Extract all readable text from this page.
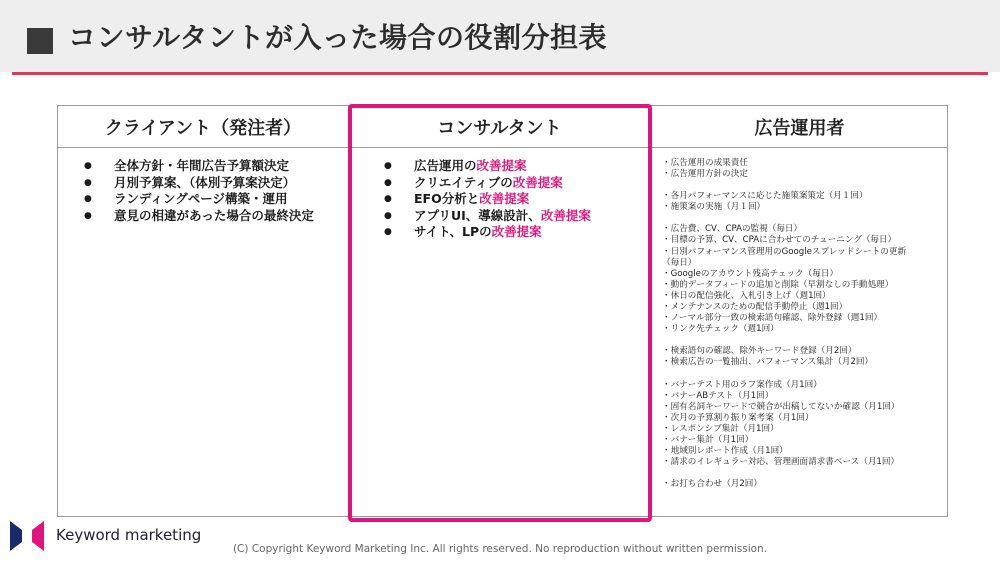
コンサルタントが入った場合の役割分担表
クライアント（発注者）	コンサルタント	広告運用者
● 全体方針・年間広告予算額決定
● 月別予算案、（体別予算案決定）
● ランディングページ構築・運用
● 意見の相違があった場合の最終決定
● 広告運用の改善提案
● クリエイティブの改善提案
● EFO分析と改善提案
● アプリUI、導線設計、改善提案
● サイト、LPの改善提案
・広告運用の成果責任
・広告運用方針の決定
・各月パフォーマンスに応じた施策案策定（月１回）
・施策案の実施（月１回）
・広告費、CV、CPAの監視（毎日）
・目標の予算、CV、CPAに合わせてのチューニング（毎日）
・日別パフォーマンス管理用のGoogleスプレッドシートの更新
（毎日）
・Googleのアカウント残高チェック（毎日）
・動的データフィードの追加と削除（早割なしの手動処理）
・休日の配信強化、入札引き上げ（週1回）
・メンテナンスのための配信手動停止（週1回）
・ノーマル部分一致の検索語句確認、除外登録（週1回）
・リンク先チェック（週1回）
・検索語句の確認、除外キーワード登録（月2回）
・検索広告の一覧抽出、パフォーマンス集計（月2回）
・バナーテスト用のラフ案作成（月1回）
・バナーABテスト（月1回）
・固有名詞キーワードで競合が出稿してないか確認（月1回）
・次月の予算割り振り案考案（月1回）
・レスポンシブ集計（月1回）
・バナー集計（月1回）
・地域別レポート作成（月1回）
・請求のイレギュラー対応、管理画面請求書ベース（月1回）
・お打ち合わせ（月2回）
Keyword marketing
(C) Copyright Keyword Marketing Inc. All rights reserved. No reproduction without written permission.
